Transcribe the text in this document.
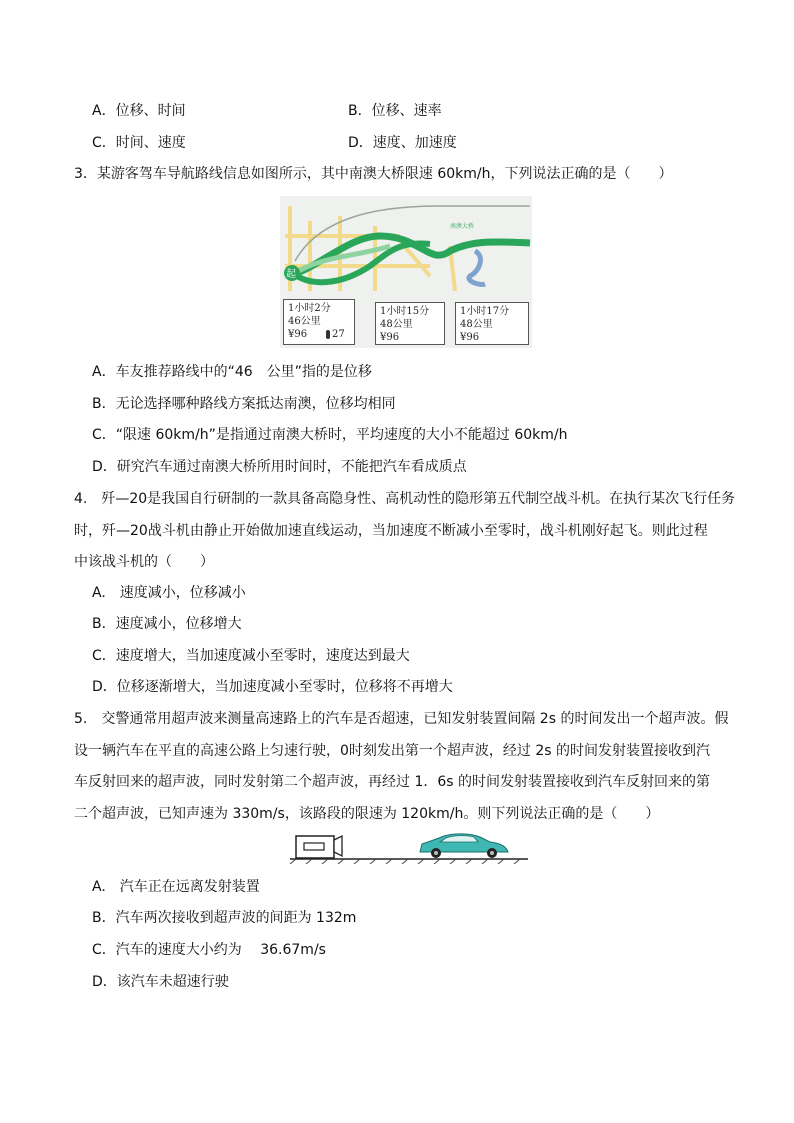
A．位移、时间	B．位移、速率
C．时间、速度	D．速度、加速度
3．某游客驾车导航路线信息如图所示，其中南澳大桥限速 60km/h，下列说法正确的是（　　）
南澳大桥
起
1小时2分
46公里
¥96 27
1小时15分
48公里
¥96
1小时17分
48公里
¥96
A．车友推荐路线中的“46　公里”指的是位移
B．无论选择哪种路线方案抵达南澳，位移均相同
C．“限速 60km/h”是指通过南澳大桥时，平均速度的大小不能超过 60km/h
D．研究汽车通过南澳大桥所用时间时，不能把汽车看成质点
4.　歼—20是我国自行研制的一款具备高隐身性、高机动性的隐形第五代制空战斗机。在执行某次飞行任务
时，歼—20战斗机由静止开始做加速直线运动，当加速度不断减小至零时，战斗机刚好起飞。则此过程
中该战斗机的（　　）
A.　速度减小，位移减小
B．速度减小，位移增大
C．速度增大，当加速度减小至零时，速度达到最大
D．位移逐渐增大，当加速度减小至零时，位移将不再增大
5.　交警通常用超声波来测量高速路上的汽车是否超速，已知发射装置间隔 2s 的时间发出一个超声波。假
设一辆汽车在平直的高速公路上匀速行驶，0时刻发出第一个超声波，经过 2s 的时间发射装置接收到汽
车反射回来的超声波，同时发射第二个超声波，再经过 1．6s 的时间发射装置接收到汽车反射回来的第
二个超声波，已知声速为 330m/s，该路段的限速为 120km/h。则下列说法正确的是（　　）
A.　汽车正在远离发射装置
B．汽车两次接收到超声波的间距为 132m
C．汽车的速度大小约为　 36.67m/s
D．该汽车未超速行驶
